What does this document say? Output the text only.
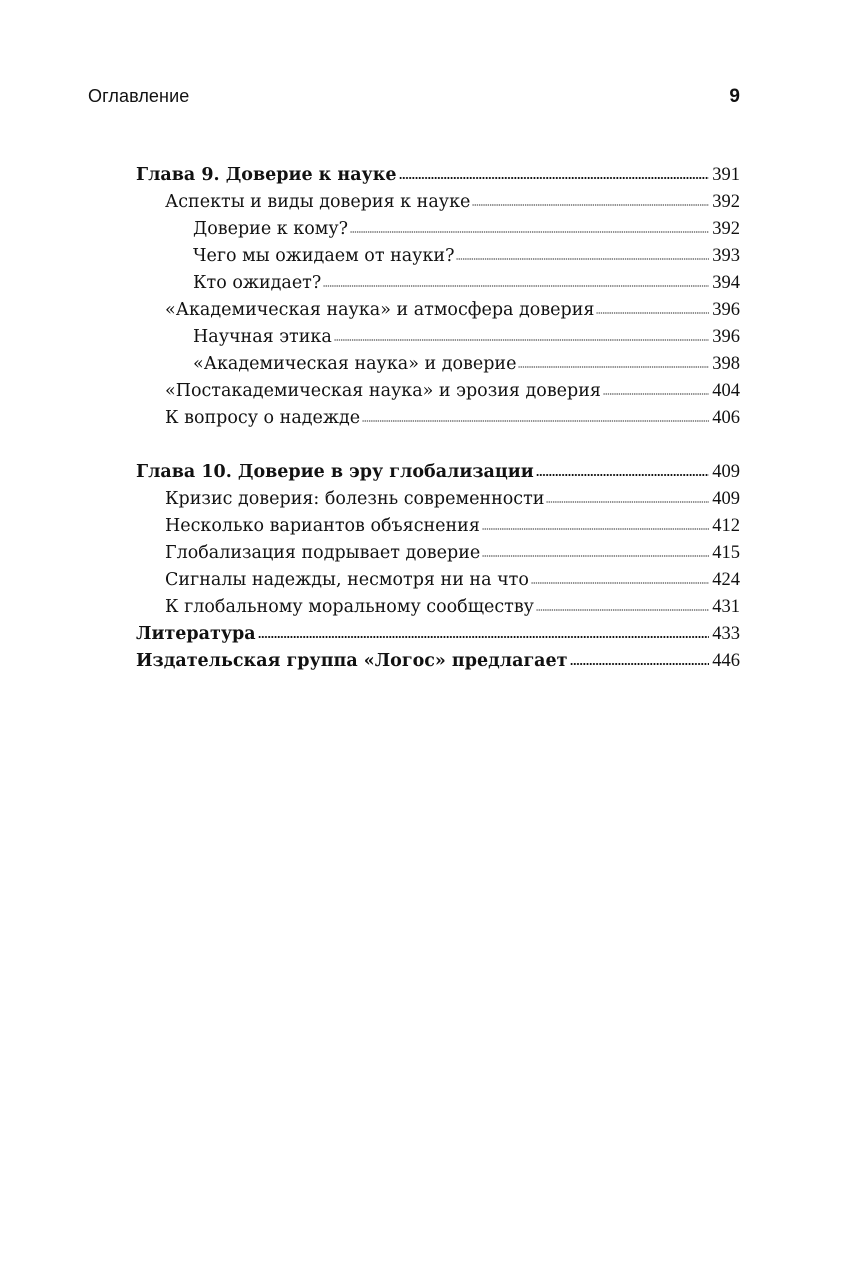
Оглавление	9
Глава 9. Доверие к науке	391
Аспекты и виды доверия к науке	392
Доверие к кому?	392
Чего мы ожидаем от науки?	393
Кто ожидает?	394
«Академическая наука» и атмосфера доверия	396
Научная этика	396
«Академическая наука» и доверие	398
«Постакадемическая наука» и эрозия доверия	404
К вопросу о надежде	406
Глава 10. Доверие в эру глобализации	409
Кризис доверия: болезнь современности	409
Несколько вариантов объяснения	412
Глобализация подрывает доверие	415
Сигналы надежды, несмотря ни на что	424
К глобальному моральному сообществу	431
Литература	433
Издательская группа «Логос» предлагает	446
